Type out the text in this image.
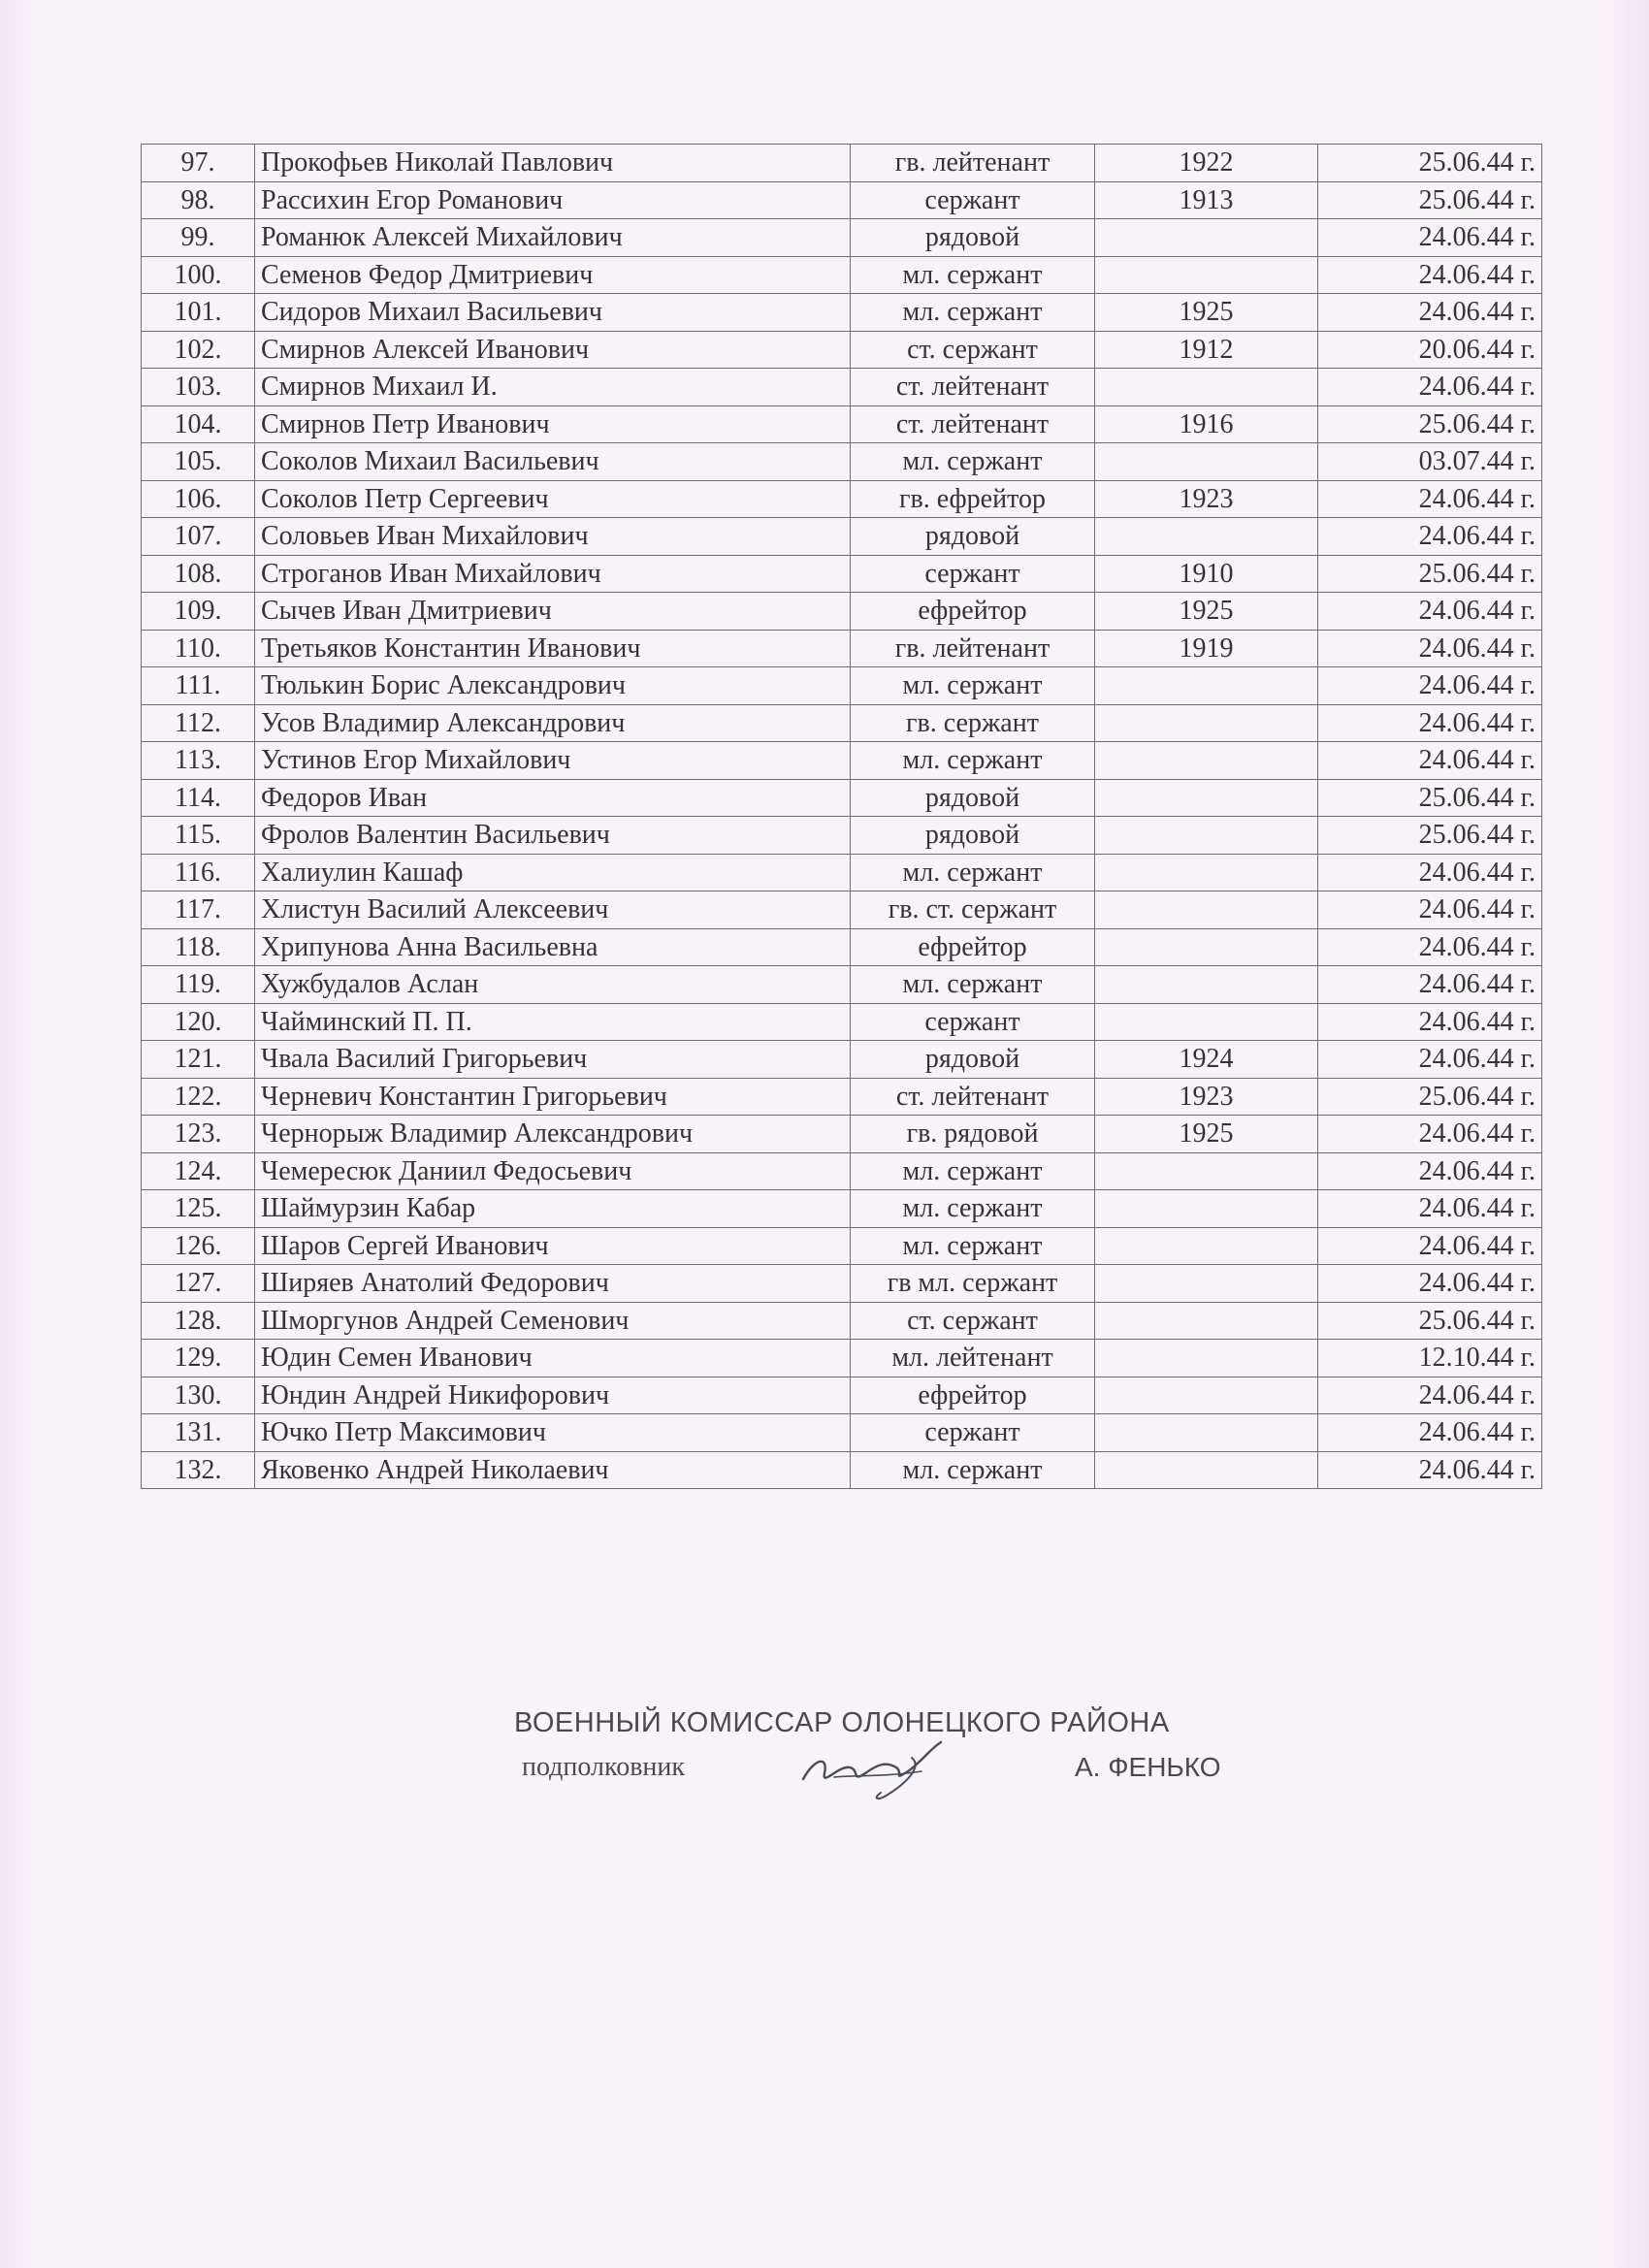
97.	Прокофьев Николай Павлович	гв. лейтенант	1922	25.06.44 г.
98.	Рассихин Егор Романович	сержант	1913	25.06.44 г.
99.	Романюк Алексей Михайлович	рядовой		24.06.44 г.
100.	Семенов Федор Дмитриевич	мл. сержант		24.06.44 г.
101.	Сидоров Михаил Васильевич	мл. сержант	1925	24.06.44 г.
102.	Смирнов Алексей Иванович	ст. сержант	1912	20.06.44 г.
103.	Смирнов Михаил И.	ст. лейтенант		24.06.44 г.
104.	Смирнов Петр Иванович	ст. лейтенант	1916	25.06.44 г.
105.	Соколов Михаил Васильевич	мл. сержант		03.07.44 г.
106.	Соколов Петр Сергеевич	гв. ефрейтор	1923	24.06.44 г.
107.	Соловьев Иван Михайлович	рядовой		24.06.44 г.
108.	Строганов Иван Михайлович	сержант	1910	25.06.44 г.
109.	Сычев Иван Дмитриевич	ефрейтор	1925	24.06.44 г.
110.	Третьяков Константин Иванович	гв. лейтенант	1919	24.06.44 г.
111.	Тюлькин Борис Александрович	мл. сержант		24.06.44 г.
112.	Усов Владимир Александрович	гв. сержант		24.06.44 г.
113.	Устинов Егор Михайлович	мл. сержант		24.06.44 г.
114.	Федоров Иван	рядовой		25.06.44 г.
115.	Фролов Валентин Васильевич	рядовой		25.06.44 г.
116.	Халиулин Кашаф	мл. сержант		24.06.44 г.
117.	Хлистун Василий Алексеевич	гв. ст. сержант		24.06.44 г.
118.	Хрипунова Анна Васильевна	ефрейтор		24.06.44 г.
119.	Хужбудалов Аслан	мл. сержант		24.06.44 г.
120.	Чайминский П. П.	сержант		24.06.44 г.
121.	Чвала Василий Григорьевич	рядовой	1924	24.06.44 г.
122.	Черневич Константин Григорьевич	ст. лейтенант	1923	25.06.44 г.
123.	Чернорыж Владимир Александрович	гв. рядовой	1925	24.06.44 г.
124.	Чемересюк Даниил Федосьевич	мл. сержант		24.06.44 г.
125.	Шаймурзин Кабар	мл. сержант		24.06.44 г.
126.	Шаров Сергей Иванович	мл. сержант		24.06.44 г.
127.	Ширяев Анатолий Федорович	гв мл. сержант		24.06.44 г.
128.	Шморгунов Андрей Семенович	ст. сержант		25.06.44 г.
129.	Юдин Семен Иванович	мл. лейтенант		12.10.44 г.
130.	Юндин Андрей Никифорович	ефрейтор		24.06.44 г.
131.	Ючко Петр Максимович	сержант		24.06.44 г.
132.	Яковенко Андрей Николаевич	мл. сержант		24.06.44 г.
ВОЕННЫЙ КОМИССАР ОЛОНЕЦКОГО РАЙОНА
подполковник	А. ФЕНЬКО
